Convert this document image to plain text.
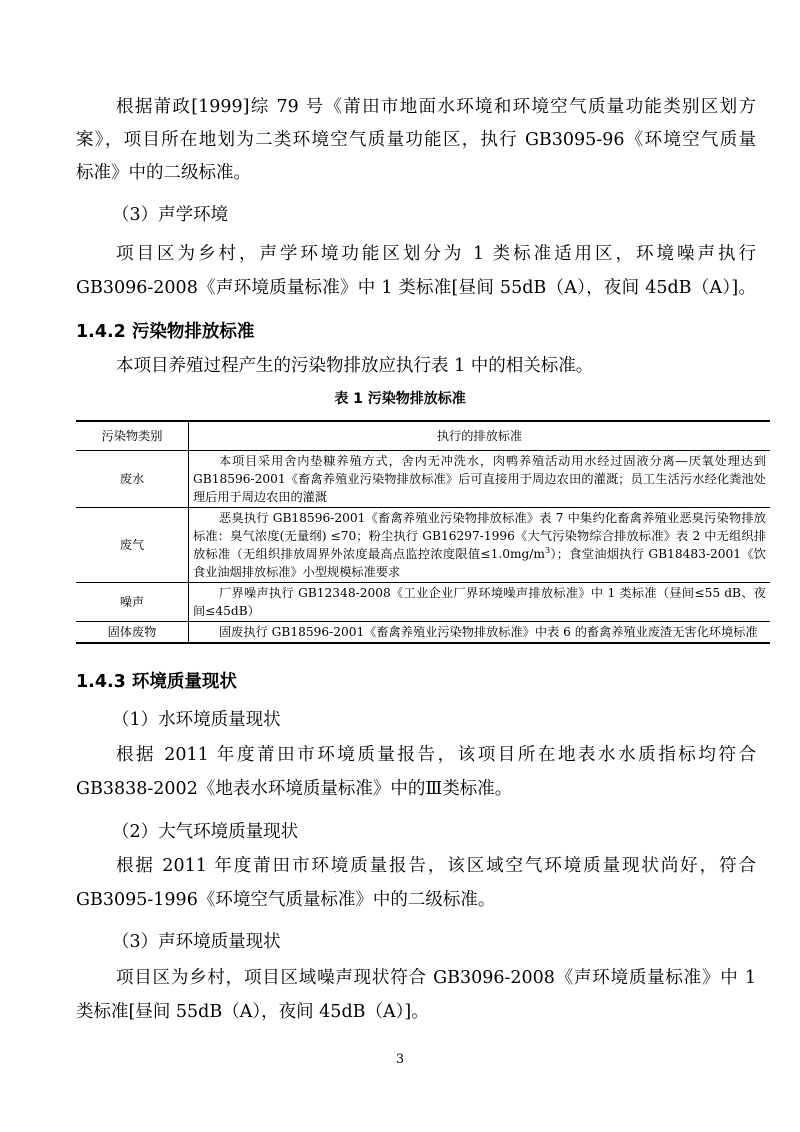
根据莆政[1999]综 79 号《莆田市地面水环境和环境空气质量功能类别区划方
案》，项目所在地划为二类环境空气质量功能区，执行 GB3095-96《环境空气质量
标准》中的二级标准。
（3）声学环境
项目区为乡村，声学环境功能区划分为 1 类标准适用区，环境噪声执行
GB3096-2008《声环境质量标准》中 1 类标准[昼间 55dB（A），夜间 45dB（A）]。
1.4.2 污染物排放标准
本项目养殖过程产生的污染物排放应执行表 1 中的相关标准。
表 1 污染物排放标准
污染物类别	执行的排放标准
废水	本项目采用舍内垫糠养殖方式，舍内无冲洗水，肉鸭养殖活动用水经过固液分离—厌氧处理达到 GB18596-2001《畜禽养殖业污染物排放标准》后可直接用于周边农田的灌溉；员工生活污水经化粪池处理后用于周边农田的灌溉
废气	恶臭执行 GB18596-2001《畜禽养殖业污染物排放标准》表 7 中集约化畜禽养殖业恶臭污染物排放标准：臭气浓度(无量纲) ≤70；粉尘执行 GB16297-1996《大气污染物综合排放标准》表 2 中无组织排放标准（无组织排放周界外浓度最高点监控浓度限值$\le 1.0mg/m^3$）；食堂油烟执行 GB18483-2001《饮食业油烟排放标准》小型规模标准要求
噪声	厂界噪声执行 GB12348-2008《工业企业厂界环境噪声排放标准》中 1 类标准（昼间≤55 dB、夜间≤45dB）
固体废物	固废执行 GB18596-2001《畜禽养殖业污染物排放标准》中表 6 的畜禽养殖业废渣无害化环境标准
1.4.3 环境质量现状
（1）水环境质量现状
根据 2011 年度莆田市环境质量报告，该项目所在地表水水质指标均符合
GB3838-2002《地表水环境质量标准》中的Ⅲ类标准。
（2）大气环境质量现状
根据 2011 年度莆田市环境质量报告，该区域空气环境质量现状尚好，符合
GB3095-1996《环境空气质量标准》中的二级标准。
（3）声环境质量现状
项目区为乡村，项目区域噪声现状符合 GB3096-2008《声环境质量标准》中 1
类标准[昼间 55dB（A），夜间 45dB（A）]。
3
